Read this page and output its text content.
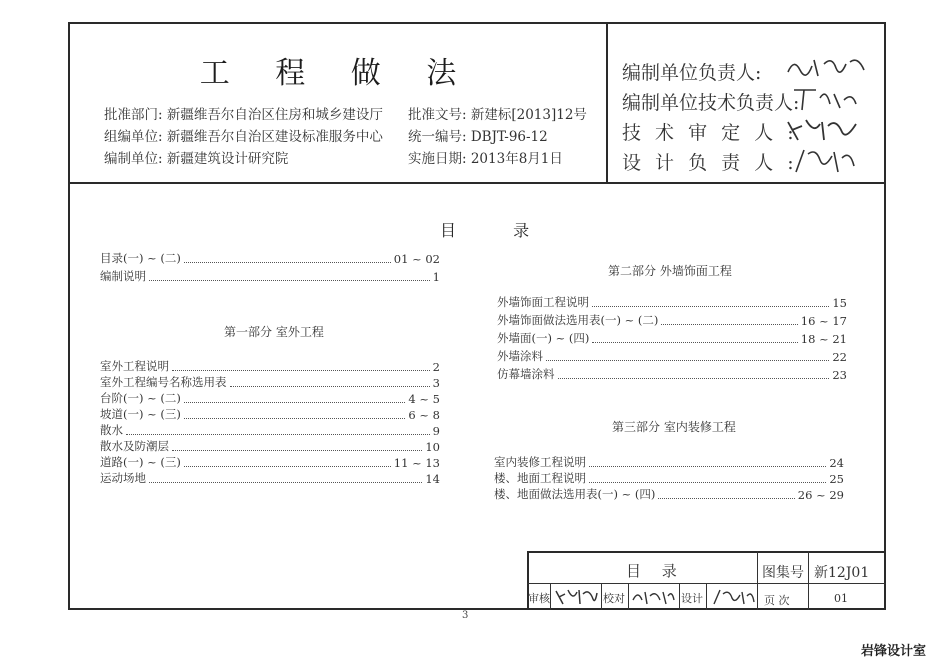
工 程 做 法
批准部门: 新疆维吾尔自治区住房和城乡建设厅
组编单位: 新疆维吾尔自治区建设标准服务中心
编制单位: 新疆建筑设计研究院
批准文号: 新建标[2013]12号
统一编号: DBJT-96-12
实施日期: 2013年8月1日
编制单位负责人:
编制单位技术负责人:
技 术 审 定 人 :
设 计 负 责 人 :
目 录
目录(一) ~ (二)	01 ~ 02
编制说明	1
第一部分 室外工程
室外工程说明	2
室外工程编号名称选用表	3
台阶(一) ~ (二)	4 ~ 5
坡道(一) ~ (三)	6 ~ 8
散水	9
散水及防潮层	10
道路(一) ~ (三)	11 ~ 13
运动场地	14
第二部分 外墙饰面工程
外墙饰面工程说明	15
外墙饰面做法选用表(一) ~ (二)	16 ~ 17
外墙面(一) ~ (四)	18 ~ 21
外墙涂料	22
仿幕墙涂料	23
第三部分 室内装修工程
室内装修工程说明	24
楼、地面工程说明	25
楼、地面做法选用表(一) ~ (四)	26 ~ 29
目 录	图集号 新12J01
审核	校对	设计	页 次	01
3
岩锋设计室
